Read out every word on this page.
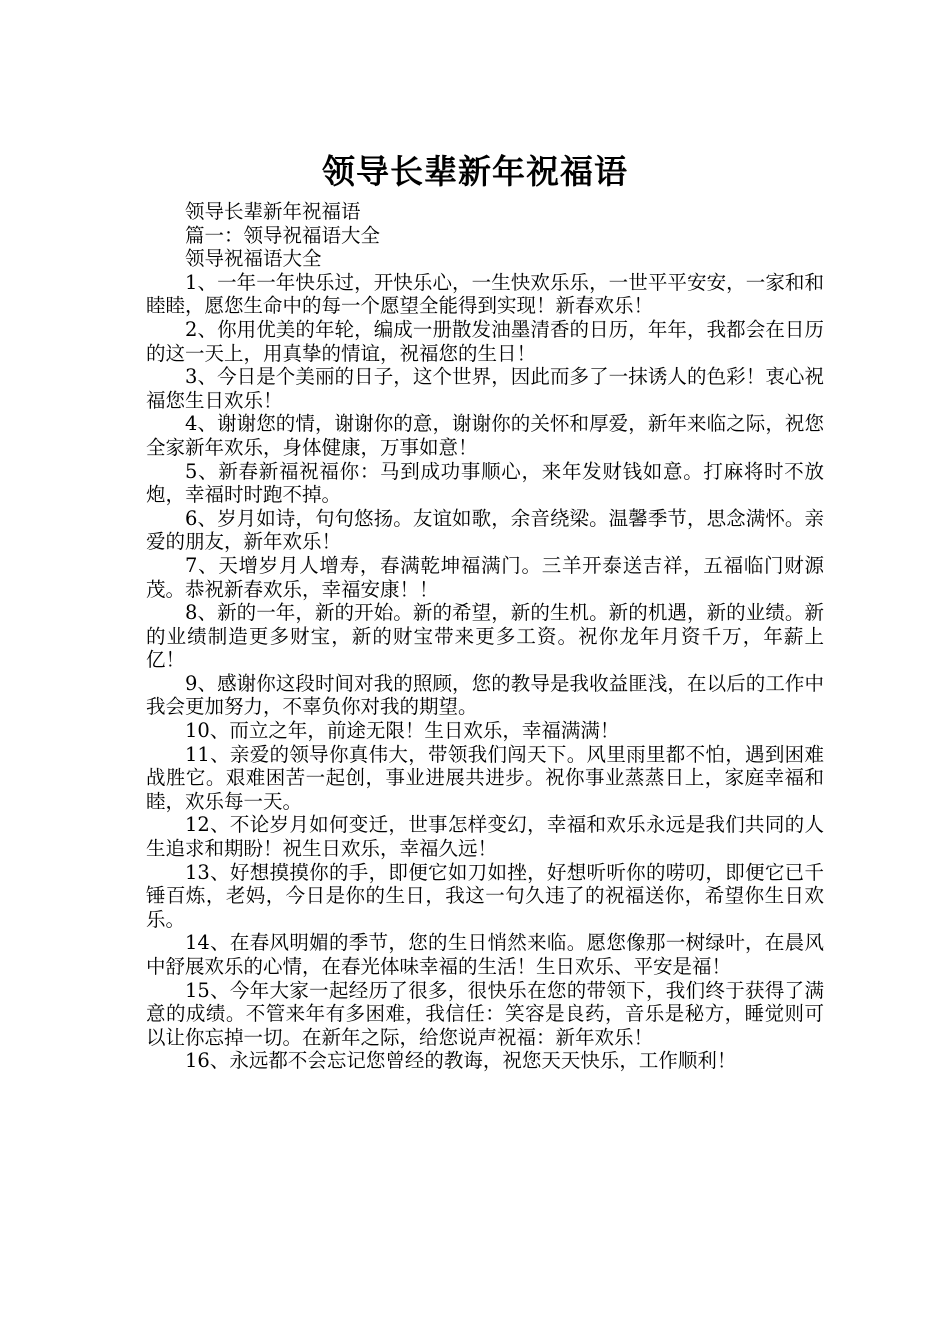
领导长辈新年祝福语

领导长辈新年祝福语

篇一：领导祝福语大全

领导祝福语大全

1、一年一年快乐过，开快乐心，一生快欢乐乐，一世平平安安，一家和和睦睦，愿您生命中的每一个愿望全能得到实现！新春欢乐！

2、你用优美的年轮，编成一册散发油墨清香的日历，年年，我都会在日历的这一天上，用真挚的情谊，祝福您的生日！

3、今日是个美丽的日子，这个世界，因此而多了一抹诱人的色彩！衷心祝福您生日欢乐！

4、谢谢您的情，谢谢你的意，谢谢你的关怀和厚爱，新年来临之际，祝您全家新年欢乐，身体健康，万事如意！

5、新春新福祝福你：马到成功事顺心，来年发财钱如意。打麻将时不放炮，幸福时时跑不掉。

6、岁月如诗，句句悠扬。友谊如歌，余音绕梁。温馨季节，思念满怀。亲爱的朋友，新年欢乐！

7、天增岁月人增寿，春满乾坤福满门。三羊开泰送吉祥，五福临门财源茂。恭祝新春欢乐，幸福安康！！

8、新的一年，新的开始。新的希望，新的生机。新的机遇，新的业绩。新的业绩制造更多财宝，新的财宝带来更多工资。祝你龙年月资千万，年薪上亿！

9、感谢你这段时间对我的照顾，您的教导是我收益匪浅，在以后的工作中我会更加努力，不辜负你对我的期望。

10、而立之年，前途无限！生日欢乐，幸福满满！

11、亲爱的领导你真伟大，带领我们闯天下。风里雨里都不怕，遇到困难战胜它。艰难困苦一起创，事业进展共进步。祝你事业蒸蒸日上，家庭幸福和睦，欢乐每一天。

12、不论岁月如何变迁，世事怎样变幻，幸福和欢乐永远是我们共同的人生追求和期盼！祝生日欢乐，幸福久远！

13、好想摸摸你的手，即便它如刀如挫，好想听听你的唠叨，即便它已千锤百炼，老妈，今日是你的生日，我这一句久违了的祝福送你，希望你生日欢乐。

14、在春风明媚的季节，您的生日悄然来临。愿您像那一树绿叶，在晨风中舒展欢乐的心情，在春光体味幸福的生活！生日欢乐、平安是福！

15、今年大家一起经历了很多，很快乐在您的带领下，我们终于获得了满意的成绩。不管来年有多困难，我信任：笑容是良药，音乐是秘方，睡觉则可以让你忘掉一切。在新年之际，给您说声祝福：新年欢乐！

16、永远都不会忘记您曾经的教诲，祝您天天快乐，工作顺利！
